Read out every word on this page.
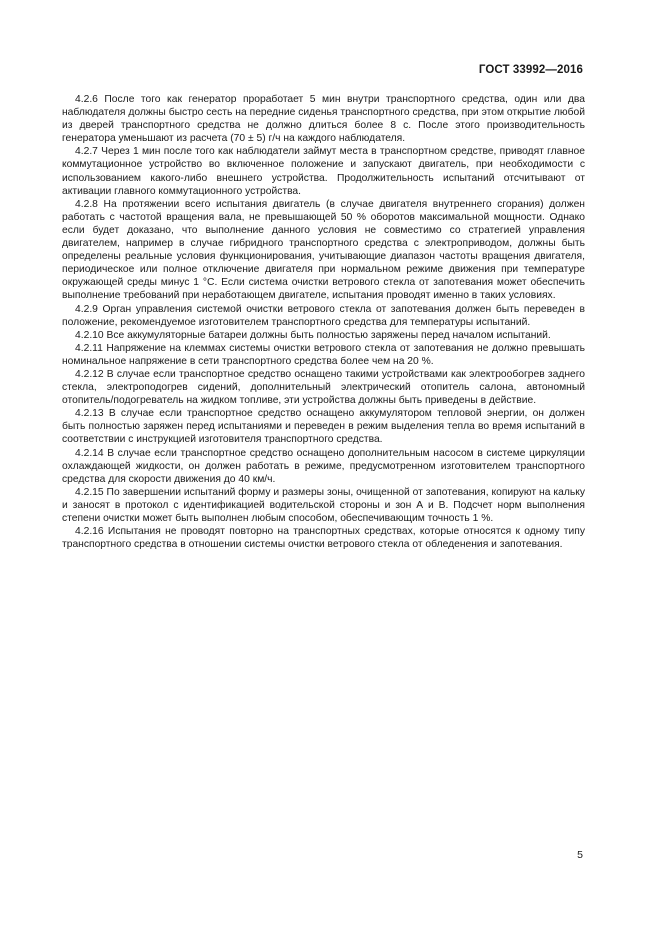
ГОСТ 33992—2016

4.2.6 После того как генератор проработает 5 мин внутри транспортного средства, один или два наблюдателя должны быстро сесть на передние сиденья транспортного средства, при этом открытие любой из дверей транспортного средства не должно длиться более 8 с. После этого производительность генератора уменьшают из расчета (70 ± 5) г/ч на каждого наблюдателя.

4.2.7 Через 1 мин после того как наблюдатели займут места в транспортном средстве, приводят главное коммутационное устройство во включенное положение и запускают двигатель, при необходимости с использованием какого-либо внешнего устройства. Продолжительность испытаний отсчитывают от активации главного коммутационного устройства.

4.2.8 На протяжении всего испытания двигатель (в случае двигателя внутреннего сгорания) должен работать с частотой вращения вала, не превышающей 50 % оборотов максимальной мощности. Однако если будет доказано, что выполнение данного условия не совместимо со стратегией управления двигателем, например в случае гибридного транспортного средства с электроприводом, должны быть определены реальные условия функционирования, учитывающие диапазон частоты вращения двигателя, периодическое или полное отключение двигателя при нормальном режиме движения при температуре окружающей среды минус 1 °С. Если система очистки ветрового стекла от запотевания может обеспечить выполнение требований при неработающем двигателе, испытания проводят именно в таких условиях.

4.2.9 Орган управления системой очистки ветрового стекла от запотевания должен быть переведен в положение, рекомендуемое изготовителем транспортного средства для температуры испытаний.

4.2.10 Все аккумуляторные батареи должны быть полностью заряжены перед началом испытаний.

4.2.11 Напряжение на клеммах системы очистки ветрового стекла от запотевания не должно превышать номинальное напряжение в сети транспортного средства более чем на 20 %.

4.2.12 В случае если транспортное средство оснащено такими устройствами как электрообогрев заднего стекла, электроподогрев сидений, дополнительный электрический отопитель салона, автономный отопитель/подогреватель на жидком топливе, эти устройства должны быть приведены в действие.

4.2.13 В случае если транспортное средство оснащено аккумулятором тепловой энергии, он должен быть полностью заряжен перед испытаниями и переведен в режим выделения тепла во время испытаний в соответствии с инструкцией изготовителя транспортного средства.

4.2.14 В случае если транспортное средство оснащено дополнительным насосом в системе циркуляции охлаждающей жидкости, он должен работать в режиме, предусмотренном изготовителем транспортного средства для скорости движения до 40 км/ч.

4.2.15 По завершении испытаний форму и размеры зоны, очищенной от запотевания, копируют на кальку и заносят в протокол с идентификацией водительской стороны и зон А и В. Подсчет норм выполнения степени очистки может быть выполнен любым способом, обеспечивающим точность 1 %.

4.2.16 Испытания не проводят повторно на транспортных средствах, которые относятся к одному типу транспортного средства в отношении системы очистки ветрового стекла от обледенения и запотевания.

5
